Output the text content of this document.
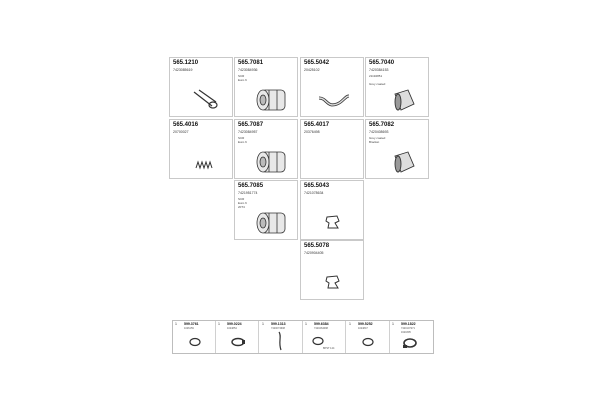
565.1210
7423085619
565.7081
7423084936
SCR
Euro 6
565.5042
20425102
565.7040
7420384153
21192851
Grey coated
565.4016
20700027
565.7087
7423084957
SCR
Euro 6
565.4017
20376498
565.7082
7420408693
Grey coated
Bracket
565.7085
7421951774
SCR
Euro 6
20T4
565.5043
7421078634
565.5078
7420904405
1 599.3761
1026159
1 599.0224
1024854
1 599.1313
7420074608
1 599.6384
7420464098
BPST 124
1 599.5252
1024847
1 599.1822
7420107271
1620395
